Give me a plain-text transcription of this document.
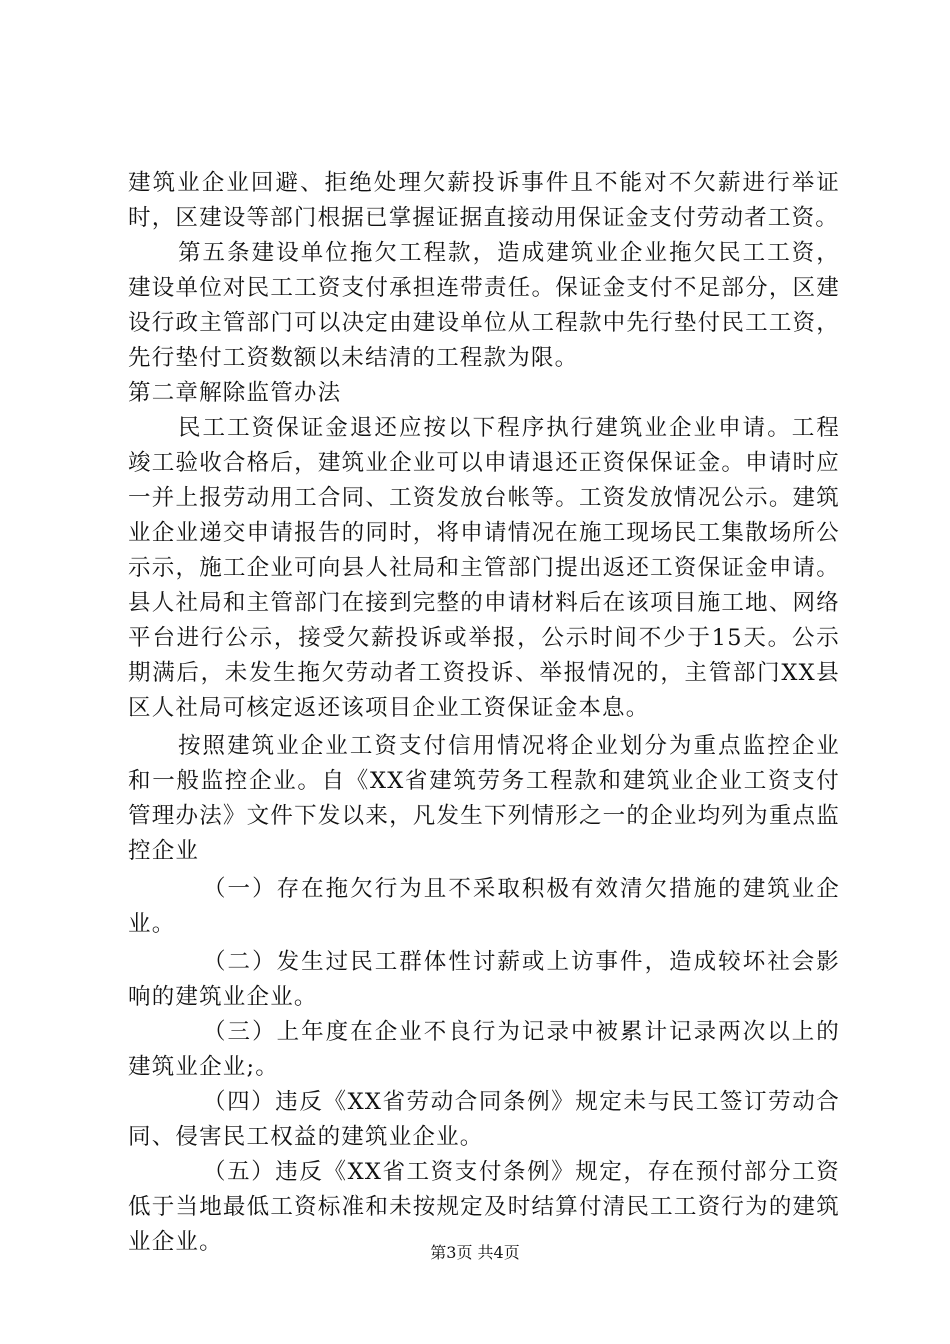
建筑业企业回避、拒绝处理欠薪投诉事件且不能对不欠薪进行举证时，区建设等部门根据已掌握证据直接动用保证金支付劳动者工资。

第五条建设单位拖欠工程款，造成建筑业企业拖欠民工工资，建设单位对民工工资支付承担连带责任。保证金支付不足部分，区建设行政主管部门可以决定由建设单位从工程款中先行垫付民工工资，先行垫付工资数额以未结清的工程款为限。

第二章解除监管办法

民工工资保证金退还应按以下程序执行建筑业企业申请。工程竣工验收合格后，建筑业企业可以申请退还正资保保证金。申请时应一并上报劳动用工合同、工资发放台帐等。工资发放情况公示。建筑业企业递交申请报告的同时，将申请情况在施工现场民工集散场所公示示，施工企业可向县人社局和主管部门提出返还工资保证金申请。县人社局和主管部门在接到完整的申请材料后在该项目施工地、网络平台进行公示，接受欠薪投诉或举报，公示时间不少于15天。公示期满后，未发生拖欠劳动者工资投诉、举报情况的，主管部门XX县区人社局可核定返还该项目企业工资保证金本息。

按照建筑业企业工资支付信用情况将企业划分为重点监控企业和一般监控企业。自《XX省建筑劳务工程款和建筑业企业工资支付管理办法》文件下发以来，凡发生下列情形之一的企业均列为重点监控企业

（一）存在拖欠行为且不采取积极有效清欠措施的建筑业企业。

（二）发生过民工群体性讨薪或上访事件，造成较坏社会影响的建筑业企业。

（三）上年度在企业不良行为记录中被累计记录两次以上的建筑业企业;。

（四）违反《XX省劳动合同条例》规定未与民工签订劳动合同、侵害民工权益的建筑业企业。

（五）违反《XX省工资支付条例》规定，存在预付部分工资低于当地最低工资标准和未按规定及时结算付清民工工资行为的建筑业企业。	第3页 共4页
